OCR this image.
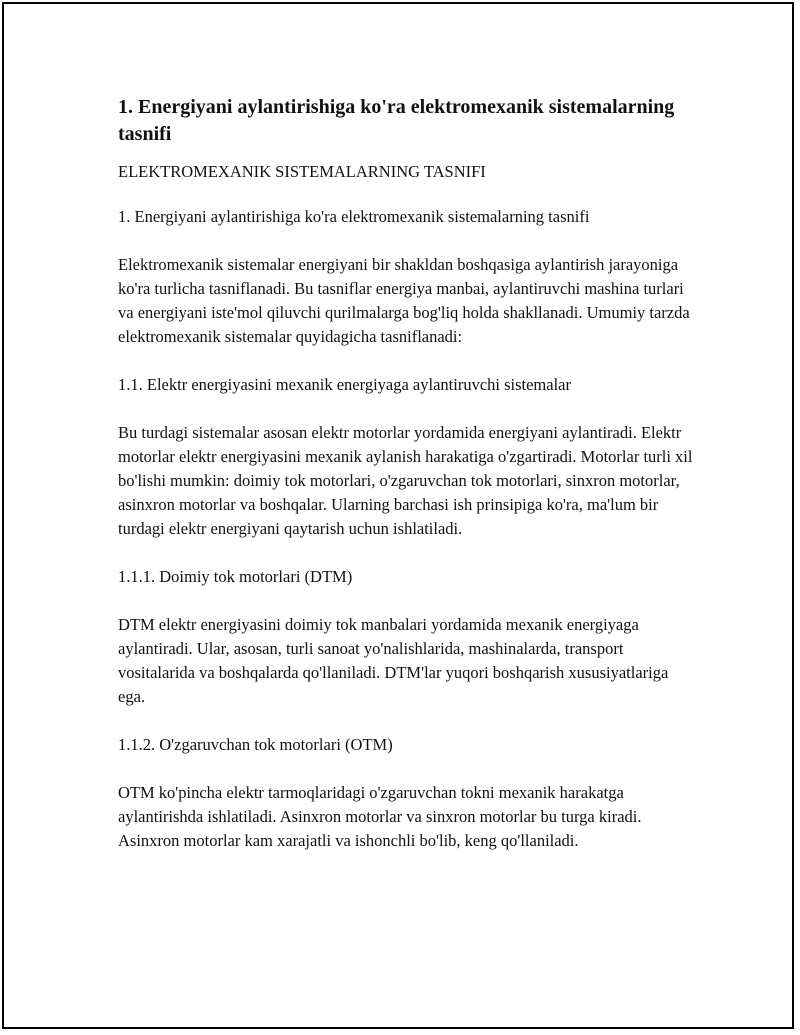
1. Energiyani aylantirishiga ko'ra elektromexanik sistemalarning tasnifi

ELEKTROMEXANIK SISTEMALARNING TASNIFI

1. Energiyani aylantirishiga ko'ra elektromexanik sistemalarning tasnifi

Elektromexanik sistemalar energiyani bir shakldan boshqasiga aylantirish jarayoniga ko'ra turlicha tasniflanadi. Bu tasniflar energiya manbai, aylantiruvchi mashina turlari va energiyani iste'mol qiluvchi qurilmalarga bog'liq holda shakllanadi. Umumiy tarzda elektromexanik sistemalar quyidagicha tasniflanadi:

1.1. Elektr energiyasini mexanik energiyaga aylantiruvchi sistemalar

Bu turdagi sistemalar asosan elektr motorlar yordamida energiyani aylantiradi. Elektr motorlar elektr energiyasini mexanik aylanish harakatiga o'zgartiradi. Motorlar turli xil bo'lishi mumkin: doimiy tok motorlari, o'zgaruvchan tok motorlari, sinxron motorlar, asinxron motorlar va boshqalar. Ularning barchasi ish prinsipiga ko'ra, ma'lum bir turdagi elektr energiyani qaytarish uchun ishlatiladi.

1.1.1. Doimiy tok motorlari (DTM)

DTM elektr energiyasini doimiy tok manbalari yordamida mexanik energiyaga aylantiradi. Ular, asosan, turli sanoat yo'nalishlarida, mashinalarda, transport vositalarida va boshqalarda qo'llaniladi. DTM'lar yuqori boshqarish xususiyatlariga ega.

1.1.2. O'zgaruvchan tok motorlari (OTM)

OTM ko'pincha elektr tarmoqlaridagi o'zgaruvchan tokni mexanik harakatga aylantirishda ishlatiladi. Asinxron motorlar va sinxron motorlar bu turga kiradi. Asinxron motorlar kam xarajatli va ishonchli bo'lib, keng qo'llaniladi.
